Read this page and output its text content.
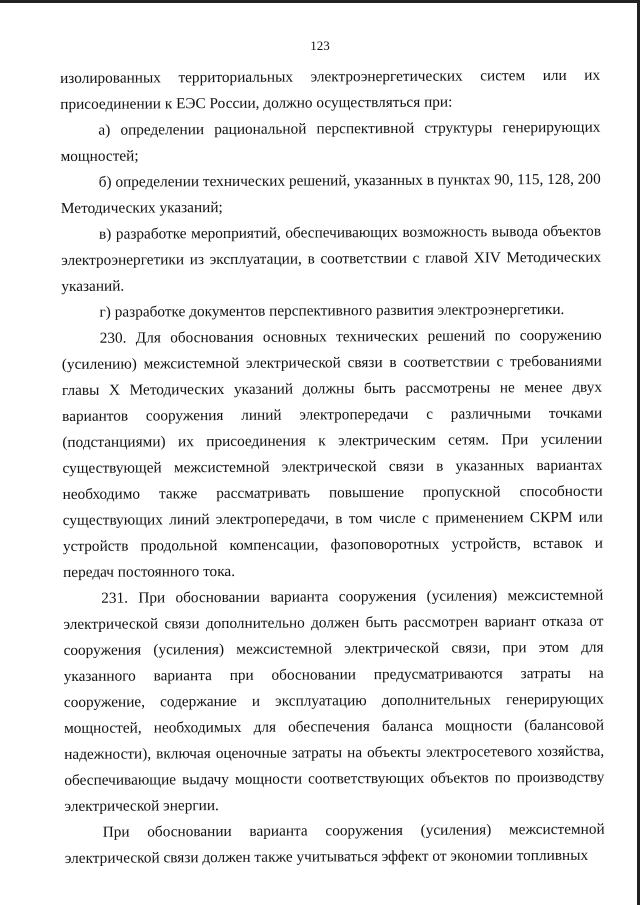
123

изолированных территориальных электроэнергетических систем или их присоединении к ЕЭС России, должно осуществляться при:

а) определении рациональной перспективной структуры генерирующих мощностей;

б) определении технических решений, указанных в пунктах 90, 115, 128, 200 Методических указаний;

в) разработке мероприятий, обеспечивающих возможность вывода объектов электроэнергетики из эксплуатации, в соответствии с главой XIV Методических указаний.

г) разработке документов перспективного развития электроэнергетики.

230. Для обоснования основных технических решений по сооружению (усилению) межсистемной электрической связи в соответствии с требованиями главы X Методических указаний должны быть рассмотрены не менее двух вариантов сооружения линий электропередачи с различными точками (подстанциями) их присоединения к электрическим сетям. При усилении существующей межсистемной электрической связи в указанных вариантах необходимо также рассматривать повышение пропускной способности существующих линий электропередачи, в том числе с применением СКРМ или устройств продольной компенсации, фазоповоротных устройств, вставок и передач постоянного тока.

231. При обосновании варианта сооружения (усиления) межсистемной электрической связи дополнительно должен быть рассмотрен вариант отказа от сооружения (усиления) межсистемной электрической связи, при этом для указанного варианта при обосновании предусматриваются затраты на сооружение, содержание и эксплуатацию дополнительных генерирующих мощностей, необходимых для обеспечения баланса мощности (балансовой надежности), включая оценочные затраты на объекты электросетевого хозяйства, обеспечивающие выдачу мощности соответствующих объектов по производству электрической энергии.

При обосновании варианта сооружения (усиления) межсистемной электрической связи должен также учитываться эффект от экономии топливных
